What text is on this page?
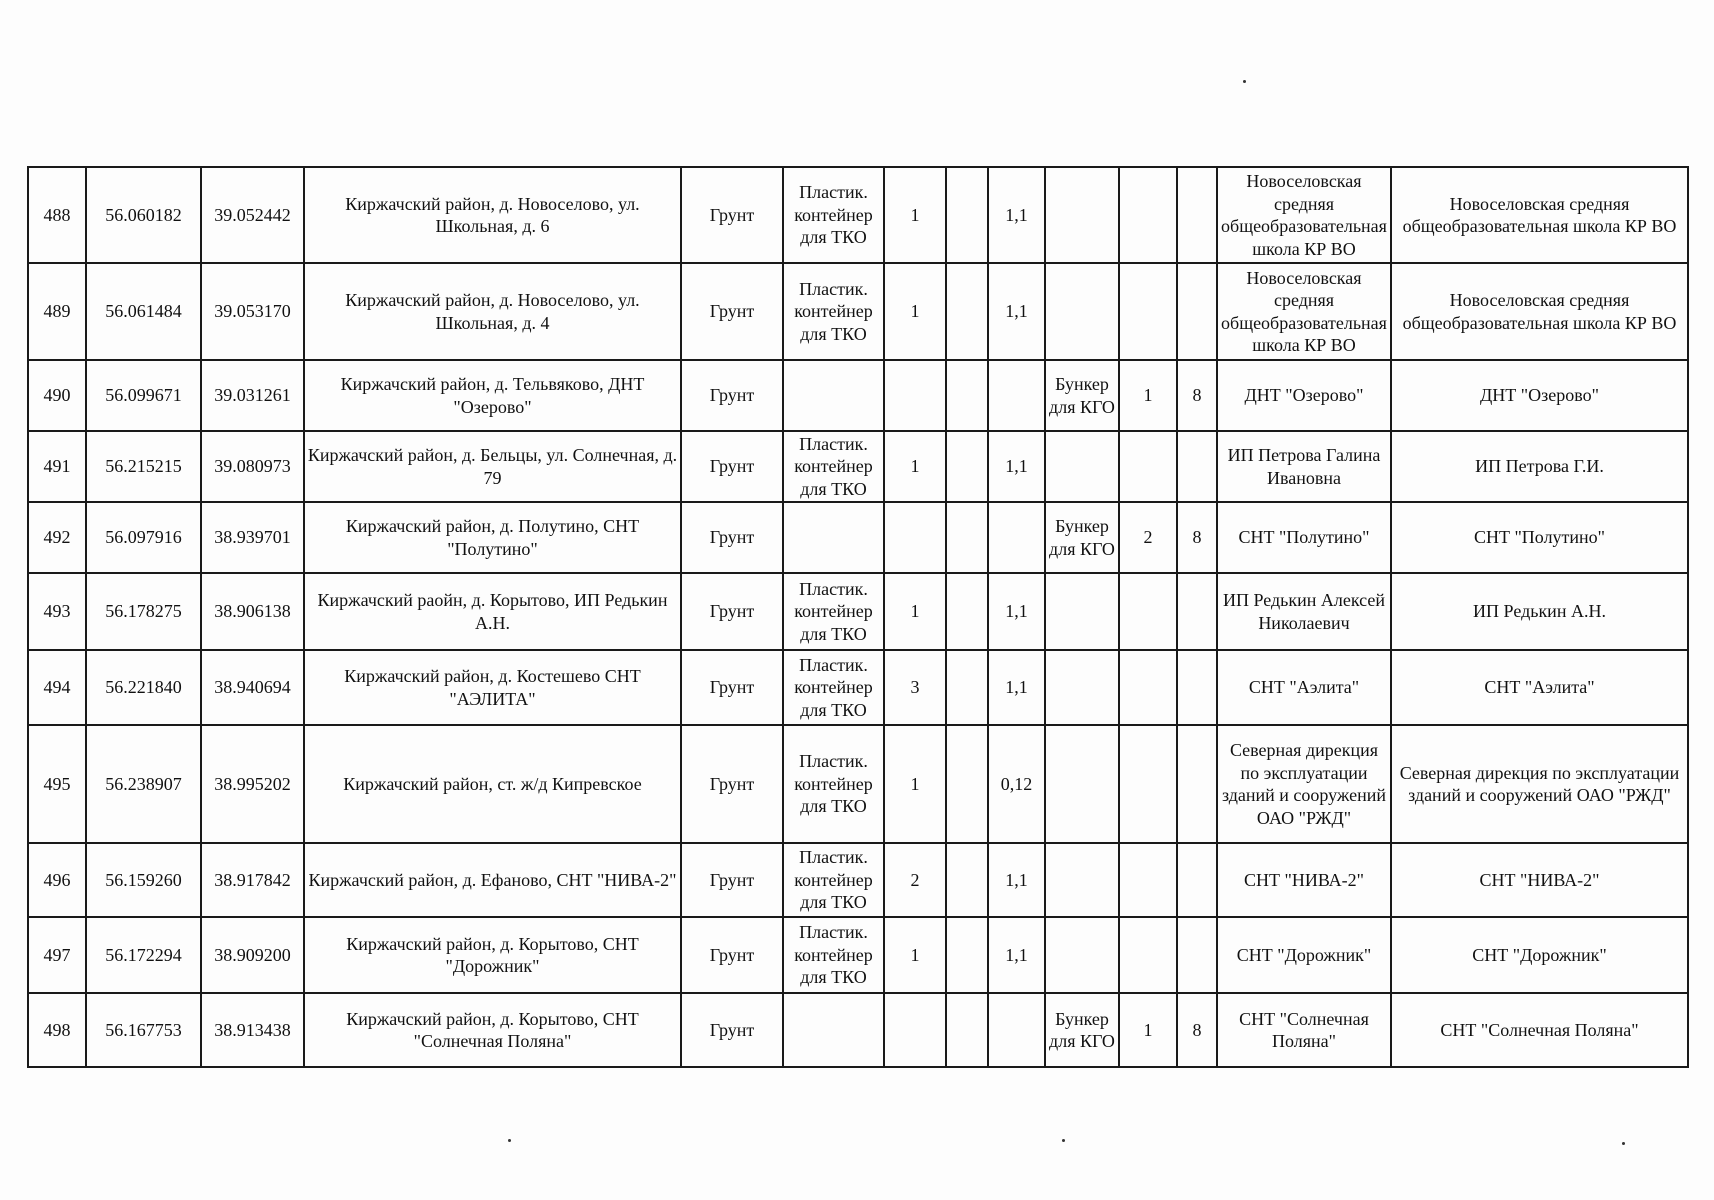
488	56.060182	39.052442	Киржачский район, д. Новоселово, ул. Школьная, д. 6	Грунт	Пластик. контейнер для ТКО	1		1,1				Новоселовская средняя общеобразовательная школа КР ВО	Новоселовская средняя общеобразовательная школа КР ВО
489	56.061484	39.053170	Киржачский район, д. Новоселово, ул. Школьная, д. 4	Грунт	Пластик. контейнер для ТКО	1		1,1				Новоселовская средняя общеобразовательная школа КР ВО	Новоселовская средняя общеобразовательная школа КР ВО
490	56.099671	39.031261	Киржачский район, д. Тельвяково, ДНТ "Озерово"	Грунт					Бункер для КГО	1	8	ДНТ "Озерово"	ДНТ "Озерово"
491	56.215215	39.080973	Киржачский район, д. Бельцы, ул. Солнечная, д. 79	Грунт	Пластик. контейнер для ТКО	1		1,1				ИП Петрова Галина Ивановна	ИП Петрова Г.И.
492	56.097916	38.939701	Киржачский район, д. Полутино, СНТ "Полутино"	Грунт					Бункер для КГО	2	8	СНТ "Полутино"	СНТ "Полутино"
493	56.178275	38.906138	Киржачский раойн, д. Корытово, ИП Редькин А.Н.	Грунт	Пластик. контейнер для ТКО	1		1,1				ИП Редькин Алексей Николаевич	ИП Редькин А.Н.
494	56.221840	38.940694	Киржачский район, д. Костешево СНТ "АЭЛИТА"	Грунт	Пластик. контейнер для ТКО	3		1,1				СНТ "Аэлита"	СНТ "Аэлита"
495	56.238907	38.995202	Киржачский район, ст. ж/д Кипревское	Грунт	Пластик. контейнер для ТКО	1		0,12				Северная дирекция по эксплуатации зданий и сооружений ОАО "РЖД"	Северная дирекция по эксплуатации зданий и сооружений ОАО "РЖД"
496	56.159260	38.917842	Киржачский район, д. Ефаново, СНТ "НИВА-2"	Грунт	Пластик. контейнер для ТКО	2		1,1				СНТ "НИВА-2"	СНТ "НИВА-2"
497	56.172294	38.909200	Киржачский район, д. Корытово, СНТ "Дорожник"	Грунт	Пластик. контейнер для ТКО	1		1,1				СНТ "Дорожник"	СНТ "Дорожник"
498	56.167753	38.913438	Киржачский район, д. Корытово, СНТ "Солнечная Поляна"	Грунт					Бункер для КГО	1	8	СНТ "Солнечная Поляна"	СНТ "Солнечная Поляна"
